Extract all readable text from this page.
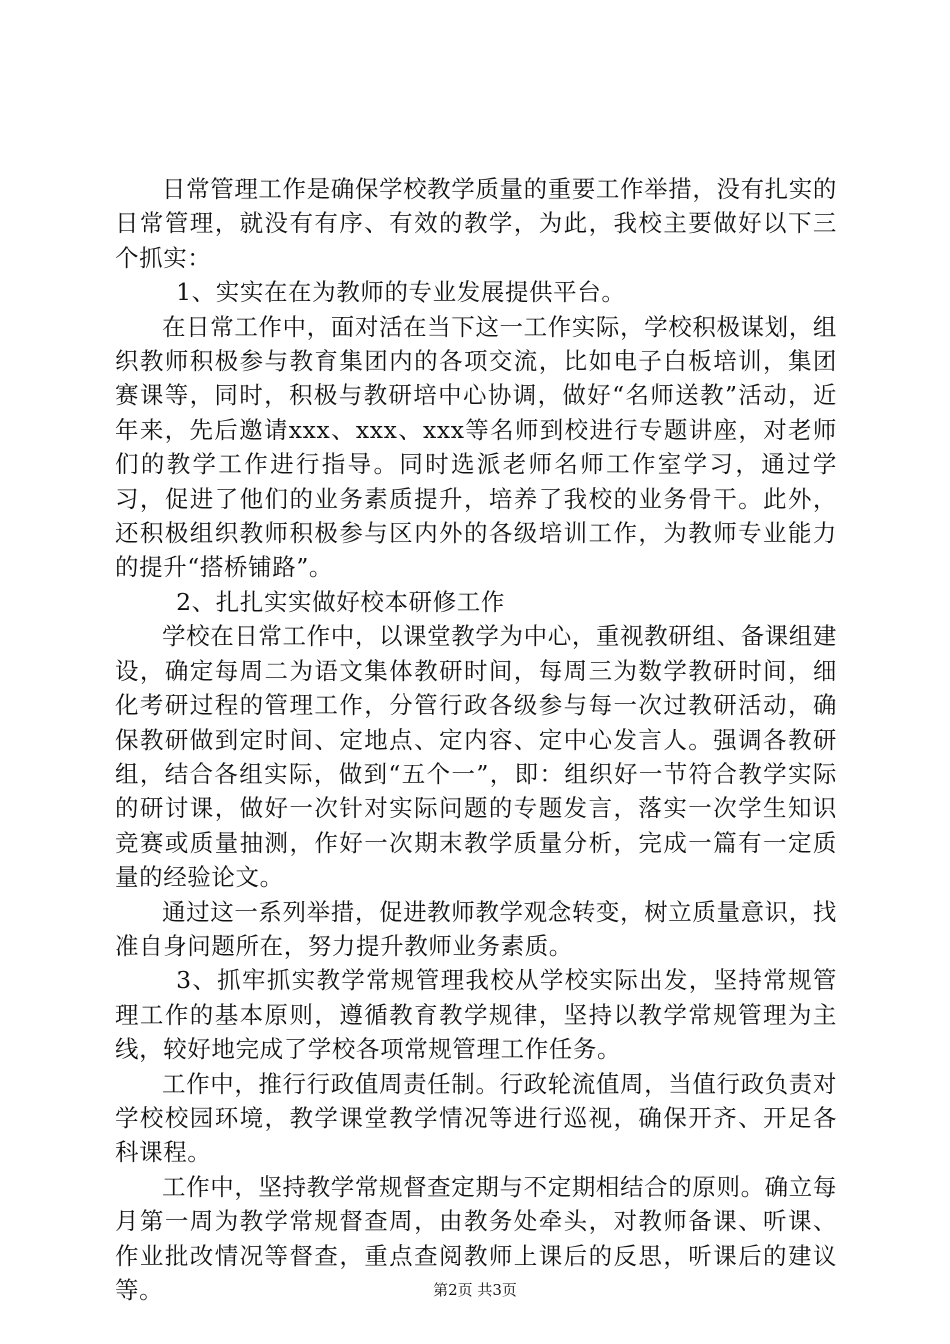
日常管理工作是确保学校教学质量的重要工作举措，没有扎实的日常管理，就没有有序、有效的教学，为此，我校主要做好以下三个抓实：

1、实实在在为教师的专业发展提供平台。

在日常工作中，面对活在当下这一工作实际，学校积极谋划，组织教师积极参与教育集团内的各项交流，比如电子白板培训，集团赛课等，同时，积极与教研培中心协调，做好“名师送教”活动，近年来，先后邀请xxx、xxx、xxx等名师到校进行专题讲座，对老师们的教学工作进行指导。同时选派老师名师工作室学习，通过学习，促进了他们的业务素质提升，培养了我校的业务骨干。此外，还积极组织教师积极参与区内外的各级培训工作，为教师专业能力的提升“搭桥铺路”。

2、扎扎实实做好校本研修工作

学校在日常工作中，以课堂教学为中心，重视教研组、备课组建设，确定每周二为语文集体教研时间，每周三为数学教研时间，细化考研过程的管理工作，分管行政各级参与每一次过教研活动，确保教研做到定时间、定地点、定内容、定中心发言人。强调各教研组，结合各组实际，做到“五个一”，即：组织好一节符合教学实际的研讨课，做好一次针对实际问题的专题发言，落实一次学生知识竞赛或质量抽测，作好一次期末教学质量分析，完成一篇有一定质量的经验论文。

通过这一系列举措，促进教师教学观念转变，树立质量意识，找准自身问题所在，努力提升教师业务素质。

3、抓牢抓实教学常规管理我校从学校实际出发，坚持常规管理工作的基本原则，遵循教育教学规律，坚持以教学常规管理为主线，较好地完成了学校各项常规管理工作任务。

工作中，推行行政值周责任制。行政轮流值周，当值行政负责对学校校园环境，教学课堂教学情况等进行巡视，确保开齐、开足各科课程。

工作中，坚持教学常规督查定期与不定期相结合的原则。确立每月第一周为教学常规督查周，由教务处牵头，对教师备课、听课、作业批改情况等督查，重点查阅教师上课后的反思，听课后的建议等。	第2页 共3页
